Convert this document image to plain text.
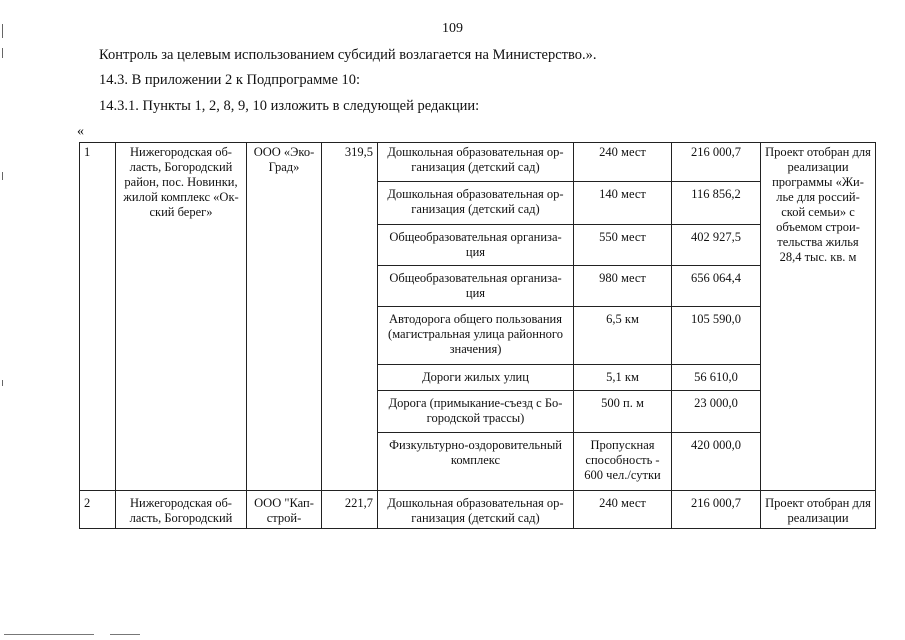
109
Контроль за целевым использованием субсидий возлагается на Министерство.».
14.3. В приложении 2 к Подпрограмме 10:
14.3.1. Пункты 1, 2, 8, 9, 10 изложить в следующей редакции:
«
1	Нижегородская об-ласть, Богородский район, пос. Новинки, жилой комплекс «Ок-ский берег»	ООО «Эко-Град»	319,5	Дошкольная образовательная ор-ганизация (детский сад)	240 мест	216 000,7	Проект отобран для реализации программы «Жи-лье для россий-ской семьи» с объемом строи-тельства жилья 28,4 тыс. кв. м
				Дошкольная образовательная ор-ганизация (детский сад)	140 мест	116 856,2	
				Общеобразовательная организа-ция	550 мест	402 927,5	
				Общеобразовательная организа-ция	980 мест	656 064,4	
				Автодорога общего пользования (магистральная улица районного значения)	6,5 км	105 590,0	
				Дороги жилых улиц	5,1 км	56 610,0	
				Дорога (примыкание-съезд с Бо-городской трассы)	500 п. м	23 000,0	
				Физкультурно-оздоровительный комплекс	Пропускная способность - 600 чел./сутки	420 000,0	
2	Нижегородская об-ласть, Богородский	ООО "Кап-строй-	221,7	Дошкольная образовательная ор-ганизация (детский сад)	240 мест	216 000,7	Проект отобран для реализации
